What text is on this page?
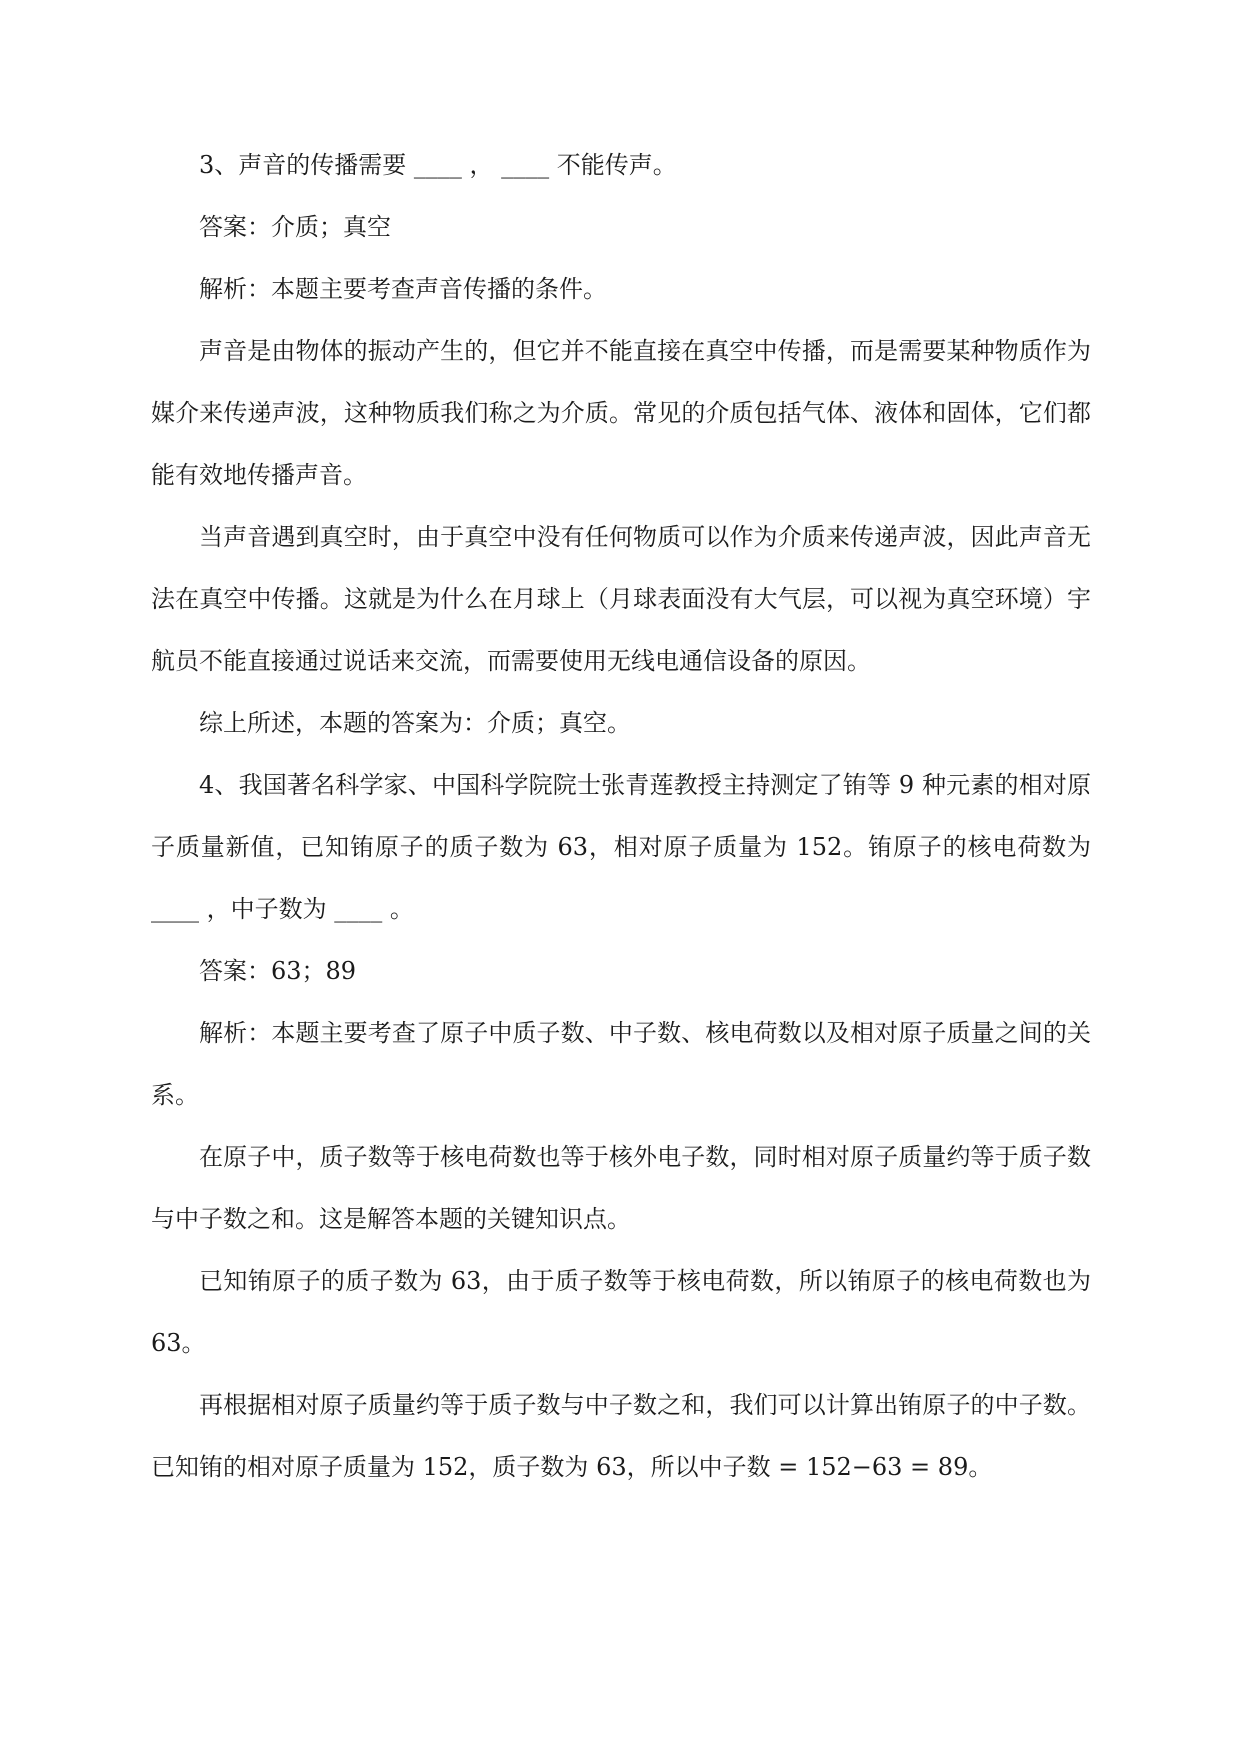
3、声音的传播需要 ____ ， ____ 不能传声。

答案：介质；真空

解析：本题主要考查声音传播的条件。

声音是由物体的振动产生的，但它并不能直接在真空中传播，而是需要某种物质作为媒介来传递声波，这种物质我们称之为介质。常见的介质包括气体、液体和固体，它们都能有效地传播声音。

当声音遇到真空时，由于真空中没有任何物质可以作为介质来传递声波，因此声音无法在真空中传播。这就是为什么在月球上（月球表面没有大气层，可以视为真空环境）宇航员不能直接通过说话来交流，而需要使用无线电通信设备的原因。

综上所述，本题的答案为：介质；真空。

4、我国著名科学家、中国科学院院士张青莲教授主持测定了铕等 9 种元素的相对原子质量新值，已知铕原子的质子数为 63，相对原子质量为 152。铕原子的核电荷数为 ____ ，中子数为 ____ 。

答案：63；89

解析：本题主要考查了原子中质子数、中子数、核电荷数以及相对原子质量之间的关系。

在原子中，质子数等于核电荷数也等于核外电子数，同时相对原子质量约等于质子数与中子数之和。这是解答本题的关键知识点。

已知铕原子的质子数为 63，由于质子数等于核电荷数，所以铕原子的核电荷数也为 63。

再根据相对原子质量约等于质子数与中子数之和，我们可以计算出铕原子的中子数。已知铕的相对原子质量为 152，质子数为 63，所以中子数 = 152−63 = 89。
